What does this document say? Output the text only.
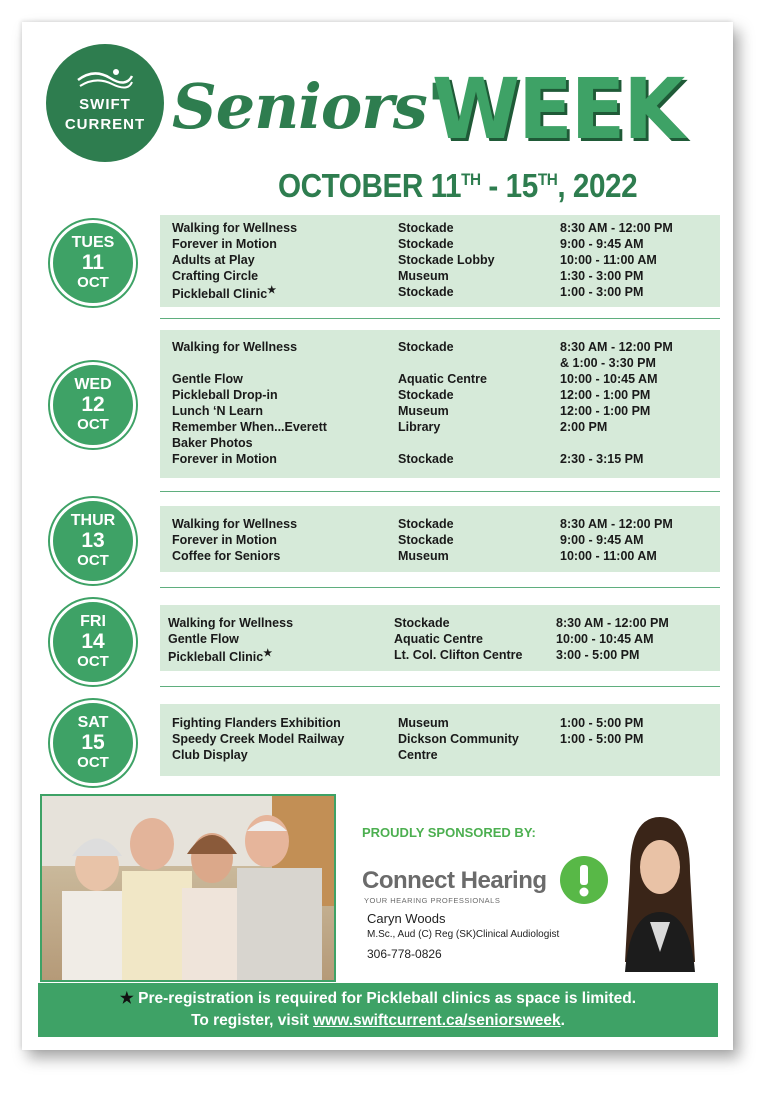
SWIFT
CURRENT Seniors'
WEEK
OCTOBER 11TH - 15TH, 2022
TUES
11
OCT
Walking for Wellness	Stockade	8:30 AM - 12:00 PM
Forever in Motion	Stockade	9:00 - 9:45 AM
Adults at Play	Stockade Lobby	10:00 - 11:00 AM
Crafting Circle	Museum	1:30 - 3:00 PM
Pickleball Clinic★	Stockade	1:00 - 3:00 PM
WED
12
OCT
Walking for Wellness	Stockade	8:30 AM - 12:00 PM
& 1:00 - 3:30 PM
Gentle Flow	Aquatic Centre	10:00 - 10:45 AM
Pickleball Drop-in	Stockade	12:00 - 1:00 PM
Lunch ‘N Learn	Museum	12:00 - 1:00 PM
Remember When...Everett	Library	2:00 PM
Baker Photos
Forever in Motion	Stockade	2:30 - 3:15 PM
THUR
13
OCT
Walking for Wellness	Stockade	8:30 AM - 12:00 PM
Forever in Motion	Stockade	9:00 - 9:45 AM
Coffee for Seniors	Museum	10:00 - 11:00 AM
FRI
14
OCT
Walking for Wellness	Stockade	8:30 AM - 12:00 PM
Gentle Flow	Aquatic Centre	10:00 - 10:45 AM
Pickleball Clinic★	Lt. Col. Clifton Centre	3:00 - 5:00 PM
SAT
15
OCT
Fighting Flanders Exhibition	Museum	1:00 - 5:00 PM
Speedy Creek Model Railway	Dickson Community	1:00 - 5:00 PM
Club Display	Centre
PROUDLY SPONSORED BY:
Connect Hearing
YOUR HEARING PROFESSIONALS
Caryn Woods
M.Sc., Aud (C) Reg (SK)Clinical Audiologist
306-778-0826
★ Pre-registration is required for Pickleball clinics as space is limited.
To register, visit www.swiftcurrent.ca/seniorsweek.
